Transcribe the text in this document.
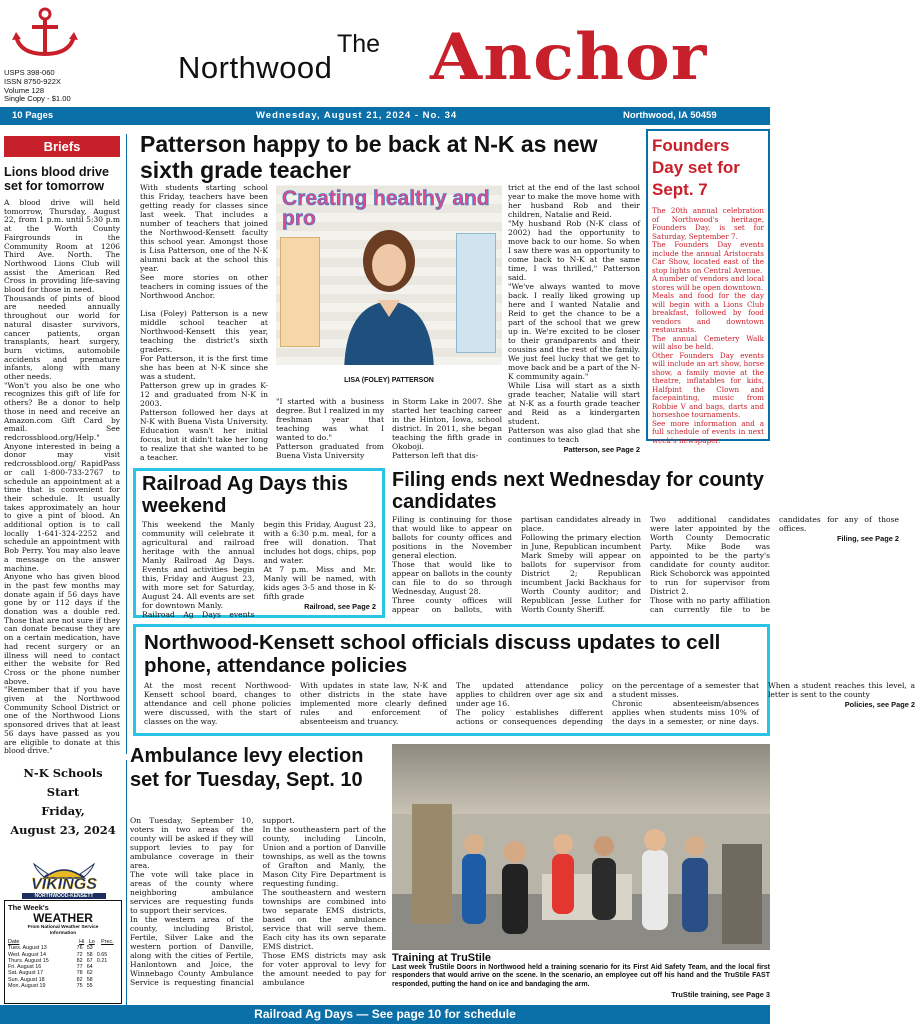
The
Northwood Anchor
USPS 398-060
ISSN 8750-922X
Volume 128
Single Copy - $1.00
10 Pages	Wednesday, August 21, 2024 - No. 34	Northwood, IA 50459
Briefs
Lions blood drive set for tomorrow
A blood drive will held tomorrow, Thursday, August 22, from 1 p.m. until 5:30 p.m at the Worth County Fairgrounds in the Community Room at 1206 Third Ave. North. The Northwood Lions Club will assist the American Red Cross in providing life-saving blood for those in need.
Thousands of pints of blood are needed annually throughout our world for natural disaster survivors, cancer patients, organ transplants, heart surgery, burn victims, automobile accidents and premature infants, along with many other needs.
"Won't you also be one who recognizes this gift of life for others? Be a donor to help those in need and receive an Amazon.com Gift Card by email. See redcrossblood.org/Help."
Anyone interested in being a donor may visit redcrossblood.org/ RapidPass or call 1-800-733-2767 to schedule an appointment at a time that is convenient for their schedule. It usually takes approximately an hour to give a pint of blood. An additional option is to call locally 1-641-324-2252 and schedule an appointment with Bob Perry. You may also leave a message on the answer machine.
Anyone who has given blood in the past few months may donate again if 56 days have gone by or 112 days if the donation was a double red. Those that are not sure if they can donate because they are on a certain medication, have had recent surgery or an illness will need to contact either the website for Red Cross or the phone number above.
"Remember that if you have given at the Northwood Community School District or one of the Northwood Lions sponsored drives that at least 56 days have passed as you are eligible to donate at this blood drive."
N-K Schools
Start
Friday,
August 23, 2024
VIKINGS
NORTHWOOD-KENSETT
The Week's
WEATHER
From National Weather Service Information
Date	Hi	Lo	Prec.
Tues. August 13	76	53	
Wed. August 14	72	58	0.65
Thurs. August 15	82	67	0.21
Fri. August 16	77	64	
Sat. August 17	78	62	
Sun. August 18	82	58	
Mon. August 19	75	55	
Patterson happy to be back at N-K as new sixth grade teacher
With students starting school this Friday, teachers have been getting ready for classes since last week. That includes a number of teachers that joined the Northwood-Kensett faculty this school year. Amongst those is Lisa Patterson, one of the N-K alumni back at the school this year.
See more stories on other teachers in coming issues of the Northwood Anchor.

Lisa (Foley) Patterson is a new middle school teacher at Northwood-Kensett this year, teaching the district's sixth graders.
For Patterson, it is the first time she has been at N-K since she was a student.
Patterson grew up in grades K-12 and graduated from N-K in 2003.
Patterson followed her days at N-K with Buena Vista University. Education wasn't her initial focus, but it didn't take her long to realize that she wanted to be a teacher.
Creating healthy and pro
LISA (FOLEY) PATTERSON
"I started with a business degree. But I realized in my freshman year that teaching was what I wanted to do."
Patterson graduated from Buena Vista University
in Storm Lake in 2007. She started her teaching career in the Hinton, Iowa, school district. In 2011, she began teaching the fifth grade in Okoboji.
Patterson left that dis-
trict at the end of the last school year to make the move home with her husband Rob and their children, Natalie and Reid.
"My husband Rob (N-K class of 2002) had the opportunity to move back to our home. So when I saw there was an opportunity to come back to N-K at the same time, I was thrilled," Patterson said.
"We've always wanted to move back. I really liked growing up here and I wanted Natalie and Reid to get the chance to be a part of the school that we grew up in. We're excited to be closer to their grandparents and their cousins and the rest of the family. We just feel lucky that we get to move back and be a part of the N-K community again."
While Lisa will start as a sixth grade teacher, Natalie will start at N-K as a fourth grade teacher and Reid as a kindergarten student.
Patterson was also glad that she continues to teach
Patterson, see Page 2
Founders Day set for Sept. 7
The 20th annual celebration of Northwood's heritage, Founders Day, is set for Saturday, September 7.
The Founders Day events include the annual Aristocrats Car Show, located east of the stop lights on Central Avenue.
A number of vendors and local stores will be open downtown.
Meals and food for the day will begin with a Lions Club breakfast, followed by food vendors and downtown restaurants.
The annual Cemetery Walk will also be held.
Other Founders Day events will include an art show, horse show, a family movie at the theatre, inflatables for kids, Halfpint the Clown and facepainting, music from Robbie V and bags, darts and horseshoe tournaments.
See more information and a full schedule of events in next week's newspaper.
Railroad Ag Days this weekend
This weekend the Manly community will celebrate it agricultural and railroad heritage with the annual Manly Railroad Ag Days. Events and activities begin this, Friday and August 23, with more set for Saturday, August 24. All events are set for downtown Manly.
Railroad Ag Days events begin this Friday, August 23, with a 6:30 p.m. meal, for a free will donation. That includes hot dogs, chips, pop and water.
At 7 p.m. Miss and Mr. Manly will be named, with kids ages 3-5 and those in K-fifth grade
Railroad, see Page 2
Filing ends next Wednesday for county candidates
Filing is continuing for those that would like to appear on ballots for county offices and positions in the November general election.
Those that would like to appear on ballots in the county can file to do so through Wednesday, August 28.
Three county offices will appear on ballots, with partisan candidates already in place.
Following the primary election in June, Republican incumbent Mark Smeby will appear on ballots for supervisor from District 2; Republican incumbent Jacki Backhaus for Worth County auditor; and Republican Jesse Luther for Worth County Sheriff.
Two additional candidates were later appointed by the Worth County Democratic Party. Mike Bode was appointed to be the party's candidate for county auditor. Rick Schoborck was appointed to run for supervisor from District 2.
Those with no party affiliation can currently file to be candidates for any of those offices.
Filing, see Page 2
Northwood-Kensett school officials discuss updates to cell phone, attendance policies
At the most recent Northwood-Kensett school board, changes to attendance and cell phone policies were discussed, with the start of classes on the way.
With updates in state law, N-K and other districts in the state have implemented more clearly defined rules and enforcement of absenteeism and truancy.
The updated attendance policy applies to children over age six and under age 16.
The policy establishes different actions or consequences depending on the percentage of a semester that a student misses.
Chronic absenteeism/absences applies when students miss 10% of the days in a semester, or nine days. When a student reaches this level, a letter is sent to the county
Policies, see Page 2
Ambulance levy election set for Tuesday, Sept. 10
On Tuesday, September 10, voters in two areas of the county will be asked if they will support levies to pay for ambulance coverage in their area.
The vote will take place in areas of the county where neighboring ambulance services are requesting funds to support their services.
In the western area of the county, including Bristol, Fertile, Silver Lake and the western portion of Danville, along with the cities of Fertile, Hanlontown and Joice, the Winnebago County Ambulance Service is requesting financial support.
In the southeastern part of the county, including Lincoln, Union and a portion of Danville townships, as well as the towns of Grafton and Manly, the Mason City Fire Department is requesting funding.
The southeastern and western townships are combined into two separate EMS districts, based on the ambulance service that will serve them. Each city has its own separate EMS district.
Those EMS districts may ask for voter approval to levy for the amount needed to pay for ambulance
Training at TruStile
Last week TruStile Doors in Northwood held a training scenario for its First Aid Safety Team, and the local first responders that would arrive on the scene. In the scenario, an employee cut off his hand and the TruStile FAST responded, putting the hand on ice and bandaging the arm.
TruStile training, see Page 3
Railroad Ag Days — See page 10 for schedule
